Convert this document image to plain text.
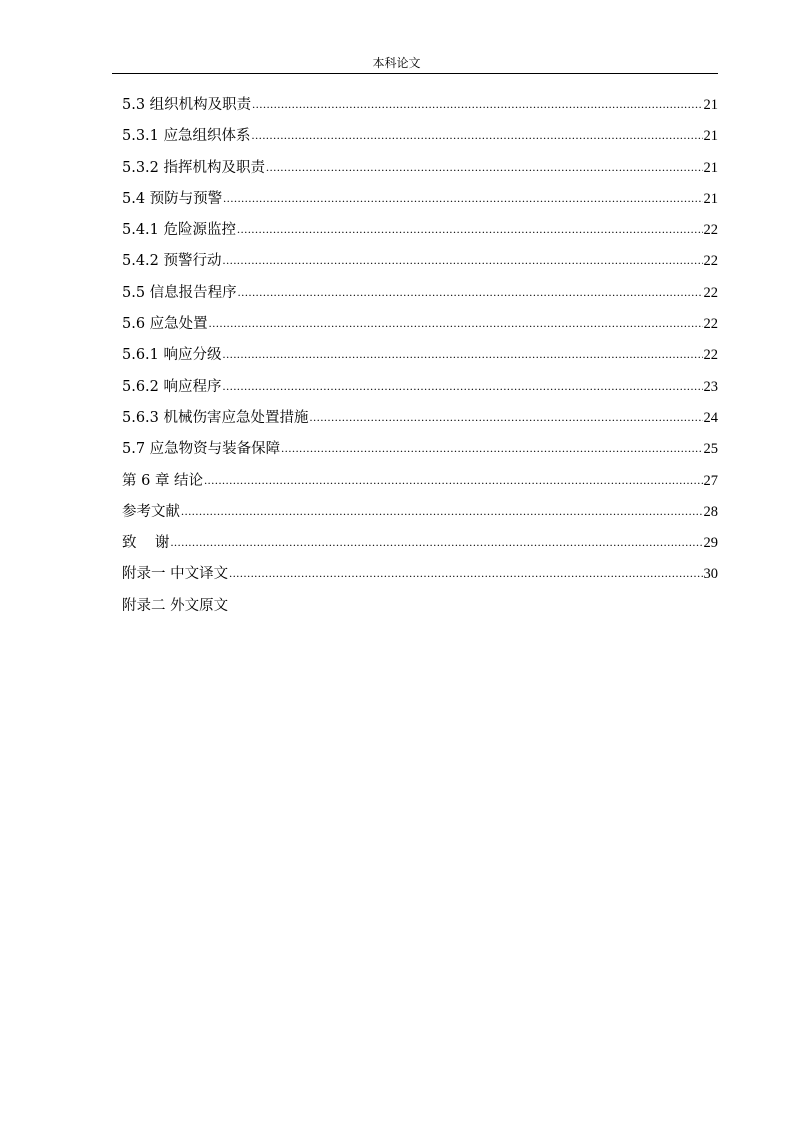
本科论文
5.3 组织机构及职责 .....	21
5.3.1 应急组织体系 .....	21
5.3.2 指挥机构及职责 .....	21
5.4 预防与预警 .....	21
5.4.1 危险源监控 .....	22
5.4.2 预警行动 .....	22
5.5 信息报告程序 .....	22
5.6 应急处置 .....	22
5.6.1 响应分级 .....	22
5.6.2 响应程序 .....	23
5.6.3 机械伤害应急处置措施 .....	24
5.7 应急物资与装备保障 .....	25
第 6 章 结论 .....	27
参考文献 .....	28
致    谢 .....	29
附录一 中文译文 .....	30
附录二 外文原文
